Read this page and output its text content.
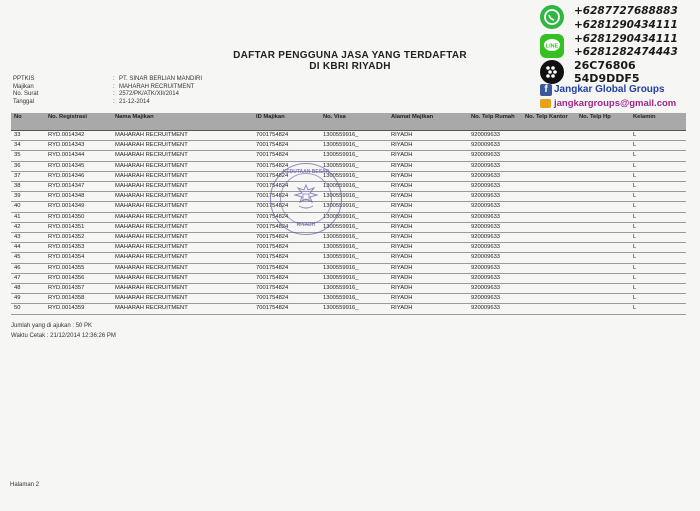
DAFTAR PENGGUNA JASA YANG TERDAFTAR
DI KBRI RIYADH
PPTKIS	: PT. SINAR BERLIAN MANDIRI
Majikan	: MAHARAH RECRUITMENT
No. Surat	: 2572/PK/ATK/XII/2014
Tanggal	: 21-12-2014
No	No. Registrasi	Nama Majikan	ID Majikan	No. Visa	Alamat Majikan	No. Telp Rumah	No. Telp Kantor	No. Telp Hp	Kelamin
33	RYD.0014342	MAHARAH RECRUITMENT	7001754824	1300559916_	RIYADH	920009633			L
34	RYD.0014343	MAHARAH RECRUITMENT	7001754824	1300559916_	RIYADH	920009633			L
35	RYD.0014344	MAHARAH RECRUITMENT	7001754824	1300559916_	RIYADH	920009633			L
36	RYD.0014345	MAHARAH RECRUITMENT	7001754824	1300559916_	RIYADH	920009633			L
37	RYD.0014346	MAHARAH RECRUITMENT	7001754824	1300559916_	RIYADH	920009633			L
38	RYD.0014347	MAHARAH RECRUITMENT	7001754824	1300559916_	RIYADH	920009633			L
39	RYD.0014348	MAHARAH RECRUITMENT	7001754824	1300559916_	RIYADH	920009633			L
40	RYD.0014349	MAHARAH RECRUITMENT	7001754824	1300559916_	RIYADH	920009633			L
41	RYD.0014350	MAHARAH RECRUITMENT	7001754824	1300559916_	RIYADH	920009633			L
42	RYD.0014351	MAHARAH RECRUITMENT	7001754824	1300559916_	RIYADH	920009633			L
43	RYD.0014352	MAHARAH RECRUITMENT	7001754824	1300559916_	RIYADH	920009633			L
44	RYD.0014353	MAHARAH RECRUITMENT	7001754824	1300559916_	RIYADH	920009633			L
45	RYD.0014354	MAHARAH RECRUITMENT	7001754824	1300559916_	RIYADH	920009633			L
46	RYD.0014355	MAHARAH RECRUITMENT	7001754824	1300559916_	RIYADH	920009633			L
47	RYD.0014356	MAHARAH RECRUITMENT	7001754824	1300559916_	RIYADH	920009633			L
48	RYD.0014357	MAHARAH RECRUITMENT	7001754824	1300559916_	RIYADH	920009633			L
49	RYD.0014358	MAHARAH RECRUITMENT	7001754824	1300559916_	RIYADH	920009633			L
50	RYD.0014359	MAHARAH RECRUITMENT	7001754824	1300559916_	RIYADH	920009633			L
KEDUTAAN BESAR
RIYADH
Jumlah yang di ajukan : 50 PK
Waktu Cetak : 21/12/2014 12:36:26 PM
Halaman 2
+6287727688883
+6281290434111
LINE
+6281290434111
+6281282474443
26C76806
54D9DDF5
f Jangkar Global Groups
jangkargroups@gmail.com
